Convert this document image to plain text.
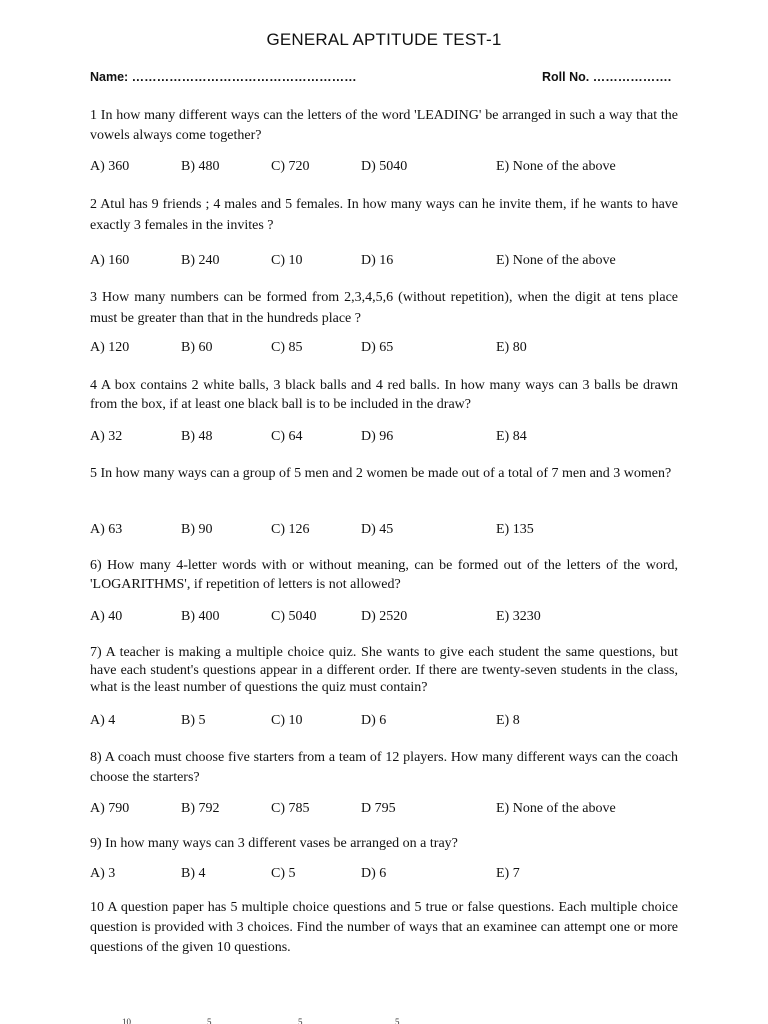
GENERAL APTITUDE TEST-1
Name: ………………………………………………	Roll No. ……………….
1 In how many different ways can the letters of the word 'LEADING' be arranged in such a way that the vowels always come together?
A) 360	B) 480	C) 720	D) 5040	E) None of the above
2 Atul has 9 friends ; 4 males and 5 females. In how many ways can he invite them, if he wants to have exactly 3 females in the invites ?
A) 160	B) 240	C) 10	D) 16	E) None of the above
3 How many numbers can be formed from 2,3,4,5,6 (without repetition), when the digit at tens place must be greater than that in the hundreds place ?
A) 120	B) 60	C) 85	D) 65	E) 80
4 A box contains 2 white balls, 3 black balls and 4 red balls. In how many ways can 3 balls be drawn from the box, if at least one black ball is to be included in the draw?
A) 32	B) 48	C) 64	D) 96	E) 84
5 In how many ways can a group of 5 men and 2 women be made out of a total of 7 men and 3 women?
A) 63	B) 90	C) 126	D) 45	E) 135
6) How many 4-letter words with or without meaning, can be formed out of the letters of the word, 'LOGARITHMS', if repetition of letters is not allowed?
A) 40	B) 400	C) 5040	D) 2520	E) 3230
7) A teacher is making a multiple choice quiz. She wants to give each student the same questions, but have each student's questions appear in a different order. If there are twenty-seven students in the class, what is the least number of questions the quiz must contain?
A) 4	B) 5	C) 10	D) 6	E) 8
8) A coach must choose five starters from a team of 12 players. How many different ways can the coach choose the starters?
A) 790	B) 792	C) 785	D 795	E) None of the above
9) In how many ways can 3 different vases be arranged on a tray?
A) 3	B) 4	C) 5	D) 6	E) 7
10 A question paper has 5 multiple choice questions and 5 true or false questions. Each multiple choice question is provided with 3 choices. Find the number of ways that an examinee can attempt one or more questions of the given 10 questions.
10	5	5	5
